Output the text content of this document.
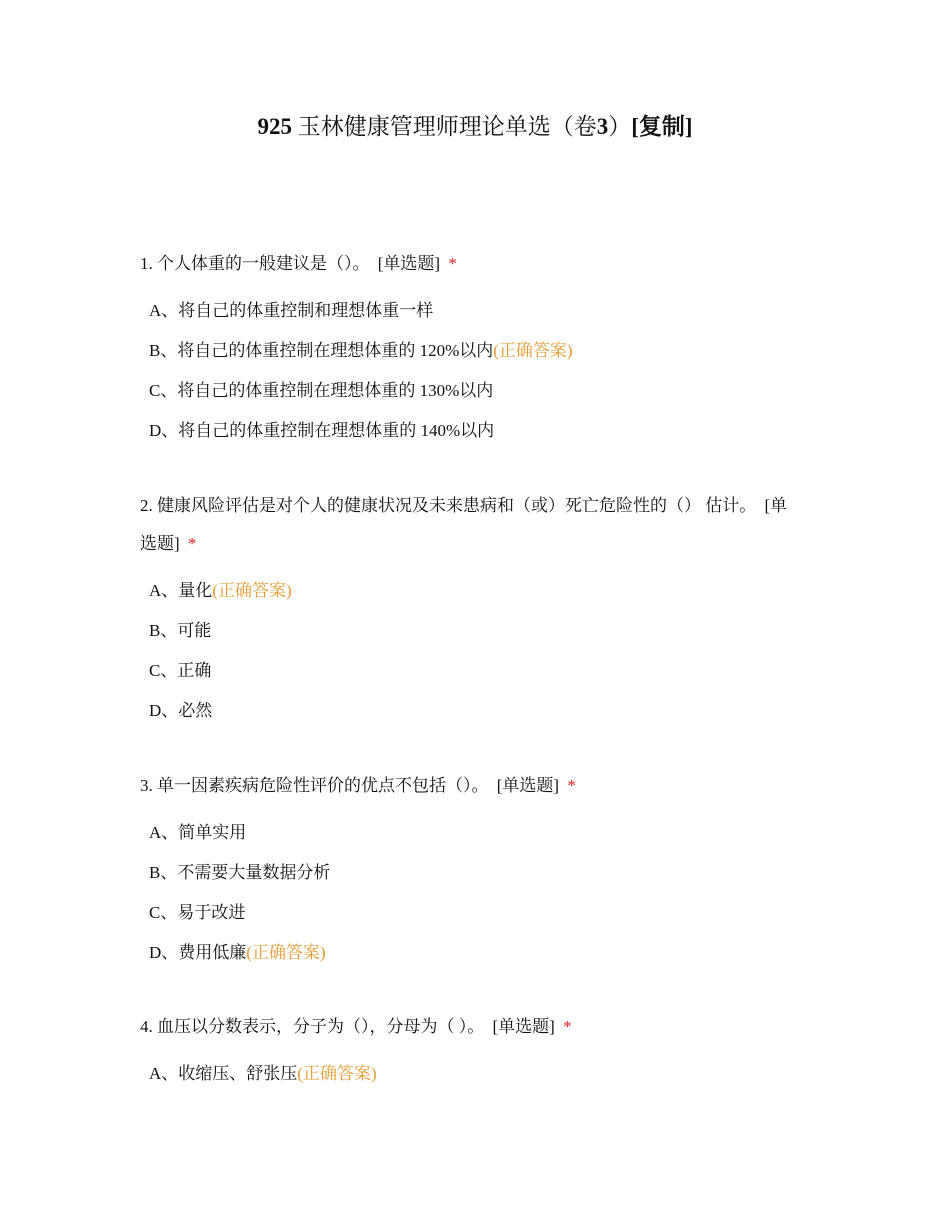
925 玉林健康管理师理论单选（卷3）[复制]

1. 个人体重的一般建议是（）。 [单选题] *

A、将自己的体重控制和理想体重一样
B、将自己的体重控制在理想体重的 120%以内(正确答案)
C、将自己的体重控制在理想体重的 130%以内
D、将自己的体重控制在理想体重的 140%以内

2. 健康风险评估是对个人的健康状况及未来患病和（或）死亡危险性的（） 估计。 [单选题] *

A、量化(正确答案)
B、可能
C、正确
D、必然

3. 单一因素疾病危险性评价的优点不包括（）。 [单选题] *

A、简单实用
B、不需要大量数据分析
C、易于改进
D、费用低廉(正确答案)

4. 血压以分数表示，分子为（），分母为（ ）。 [单选题] *

A、收缩压、舒张压(正确答案)
